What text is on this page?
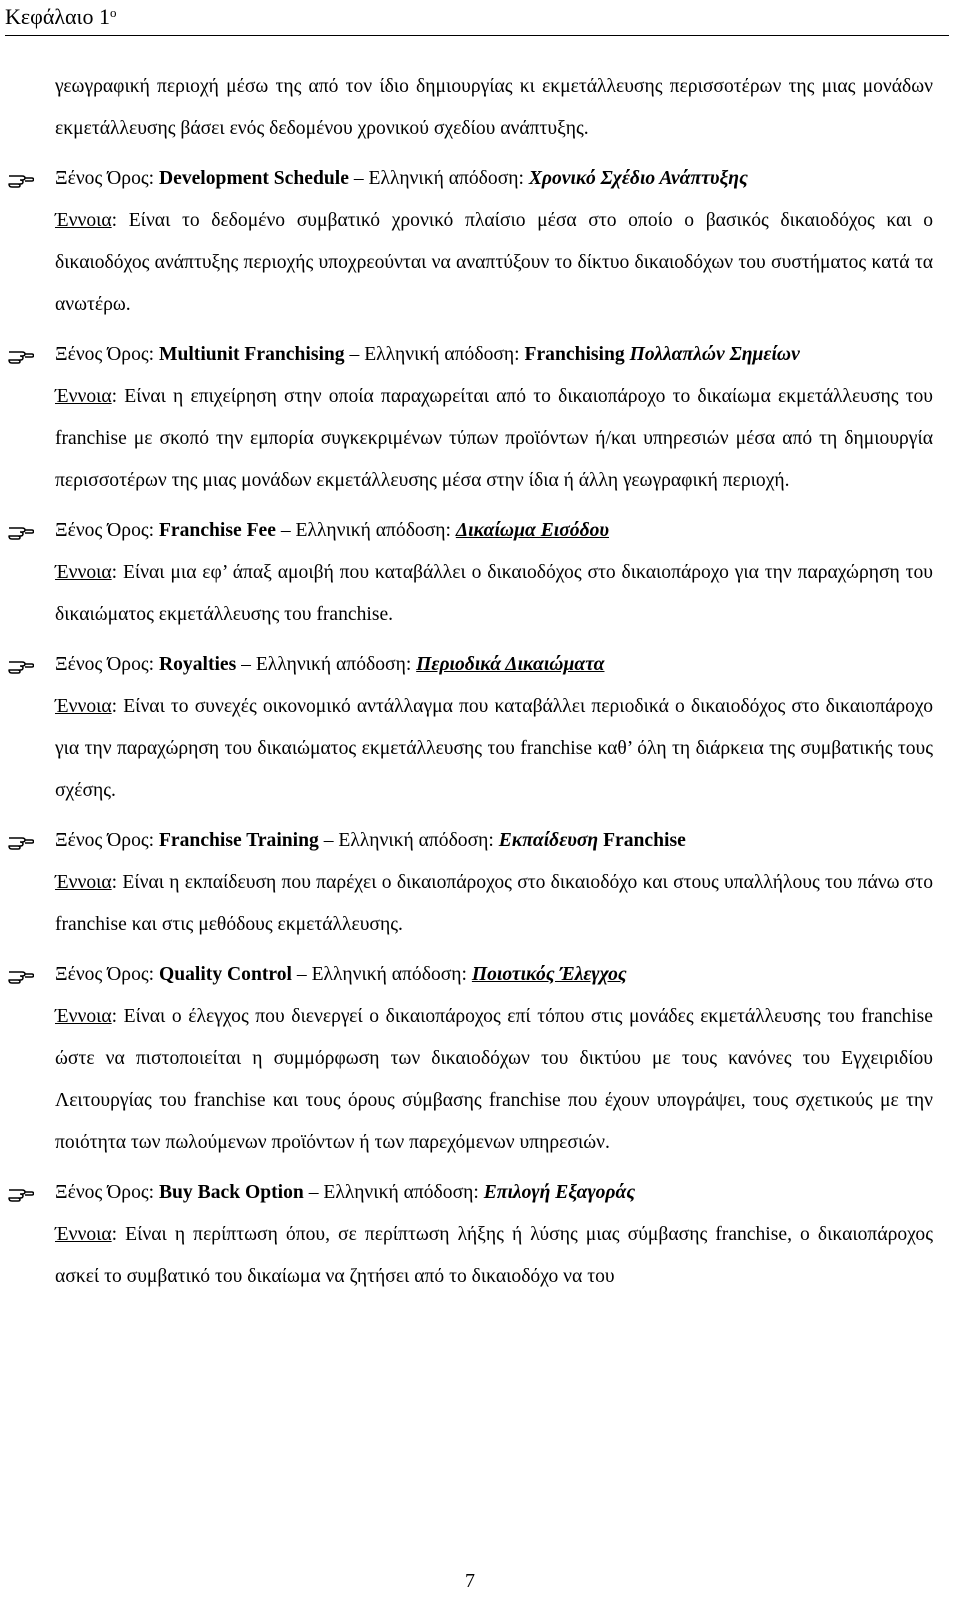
Κεφάλαιο $1^o$

γεωγραφική περιοχή μέσω της από τον ίδιο δημιουργίας κι εκμετάλλευσης περισσοτέρων της μιας μονάδων εκμετάλλευσης βάσει ενός δεδομένου χρονικού σχεδίου ανάπτυξης.

Ξένος Όρος: Development Schedule – Ελληνική απόδοση: Χρονικό Σχέδιο Ανάπτυξης

Έννοια: Είναι το δεδομένο συμβατικό χρονικό πλαίσιο μέσα στο οποίο ο βασικός δικαιοδόχος και ο δικαιοδόχος ανάπτυξης περιοχής υποχρεούνται να αναπτύξουν το δίκτυο δικαιοδόχων του συστήματος κατά τα ανωτέρω.

Ξένος Όρος: Multiunit Franchising – Ελληνική απόδοση: Franchising Πολλαπλών Σημείων

Έννοια: Είναι η επιχείρηση στην οποία παραχωρείται από το δικαιοπάροχο το δικαίωμα εκμετάλλευσης του franchise με σκοπό την εμπορία συγκεκριμένων τύπων προϊόντων ή/και υπηρεσιών μέσα από τη δημιουργία περισσοτέρων της μιας μονάδων εκμετάλλευσης μέσα στην ίδια ή άλλη γεωγραφική περιοχή.

Ξένος Όρος: Franchise Fee – Ελληνική απόδοση: Δικαίωμα Εισόδου

Έννοια: Είναι μια εφ’ άπαξ αμοιβή που καταβάλλει ο δικαιοδόχος στο δικαιοπάροχο για την παραχώρηση του δικαιώματος εκμετάλλευσης του franchise.

Ξένος Όρος: Royalties – Ελληνική απόδοση: Περιοδικά Δικαιώματα

Έννοια: Είναι το συνεχές οικονομικό αντάλλαγμα που καταβάλλει περιοδικά ο δικαιοδόχος στο δικαιοπάροχο για την παραχώρηση του δικαιώματος εκμετάλλευσης του franchise καθ’ όλη τη διάρκεια της συμβατικής τους σχέσης.

Ξένος Όρος: Franchise Training – Ελληνική απόδοση: Εκπαίδευση Franchise

Έννοια: Είναι η εκπαίδευση που παρέχει ο δικαιοπάροχος στο δικαιοδόχο και στους υπαλλήλους του πάνω στο franchise και στις μεθόδους εκμετάλλευσης.

Ξένος Όρος: Quality Control – Ελληνική απόδοση: Ποιοτικός Έλεγχος

Έννοια: Είναι ο έλεγχος που διενεργεί ο δικαιοπάροχος επί τόπου στις μονάδες εκμετάλλευσης του franchise ώστε να πιστοποιείται η συμμόρφωση των δικαιοδόχων του δικτύου με τους κανόνες του Εγχειριδίου Λειτουργίας του franchise και τους όρους σύμβασης franchise που έχουν υπογράψει, τους σχετικούς με την ποιότητα των πωλούμενων προϊόντων ή των παρεχόμενων υπηρεσιών.

Ξένος Όρος: Buy Back Option – Ελληνική απόδοση: Επιλογή Εξαγοράς

Έννοια: Είναι η περίπτωση όπου, σε περίπτωση λήξης ή λύσης μιας σύμβασης franchise, ο δικαιοπάροχος ασκεί το συμβατικό του δικαίωμα να ζητήσει από το δικαιοδόχο να του

7
